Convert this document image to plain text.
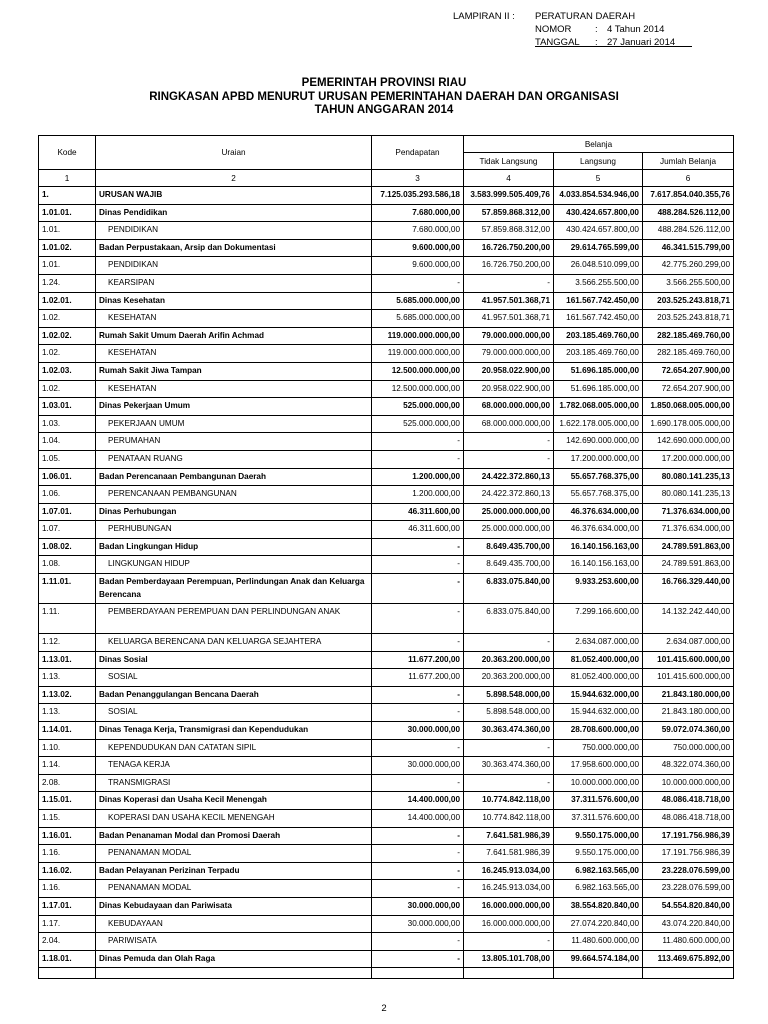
LAMPIRAN II :	PERATURAN DAERAH
NOMOR	: 4 Tahun 2014
TANGGAL	: 27 Januari 2014
PEMERINTAH PROVINSI RIAU
RINGKASAN APBD MENURUT URUSAN PEMERINTAHAN DAERAH DAN ORGANISASI
TAHUN ANGGARAN 2014
Kode	Uraian	Pendapatan	Belanja		
			Tidak Langsung	Langsung	Jumlah Belanja
1	2	3	4	5	6
1.	URUSAN WAJIB	7.125.035.293.586,18	3.583.999.505.409,76	4.033.854.534.946,00	7.617.854.040.355,76
1.01.01.	Dinas Pendidikan	7.680.000,00	57.859.868.312,00	430.424.657.800,00	488.284.526.112,00
1.01.	PENDIDIKAN	7.680.000,00	57.859.868.312,00	430.424.657.800,00	488.284.526.112,00
1.01.02.	Badan Perpustakaan, Arsip dan Dokumentasi	9.600.000,00	16.726.750.200,00	29.614.765.599,00	46.341.515.799,00
1.01.	PENDIDIKAN	9.600.000,00	16.726.750.200,00	26.048.510.099,00	42.775.260.299,00
1.24.	KEARSIPAN	-	-	3.566.255.500,00	3.566.255.500,00
1.02.01.	Dinas Kesehatan	5.685.000.000,00	41.957.501.368,71	161.567.742.450,00	203.525.243.818,71
1.02.	KESEHATAN	5.685.000.000,00	41.957.501.368,71	161.567.742.450,00	203.525.243.818,71
1.02.02.	Rumah Sakit Umum Daerah Arifin Achmad	119.000.000.000,00	79.000.000.000,00	203.185.469.760,00	282.185.469.760,00
1.02.	KESEHATAN	119.000.000.000,00	79.000.000.000,00	203.185.469.760,00	282.185.469.760,00
1.02.03.	Rumah Sakit Jiwa Tampan	12.500.000.000,00	20.958.022.900,00	51.696.185.000,00	72.654.207.900,00
1.02.	KESEHATAN	12.500.000.000,00	20.958.022.900,00	51.696.185.000,00	72.654.207.900,00
1.03.01.	Dinas Pekerjaan Umum	525.000.000,00	68.000.000.000,00	1.782.068.005.000,00	1.850.068.005.000,00
1.03.	PEKERJAAN UMUM	525.000.000,00	68.000.000.000,00	1.622.178.005.000,00	1.690.178.005.000,00
1.04.	PERUMAHAN	-	-	142.690.000.000,00	142.690.000.000,00
1.05.	PENATAAN RUANG	-	-	17.200.000.000,00	17.200.000.000,00
1.06.01.	Badan Perencanaan Pembangunan Daerah	1.200.000,00	24.422.372.860,13	55.657.768.375,00	80.080.141.235,13
1.06.	PERENCANAAN PEMBANGUNAN	1.200.000,00	24.422.372.860,13	55.657.768.375,00	80.080.141.235,13
1.07.01.	Dinas Perhubungan	46.311.600,00	25.000.000.000,00	46.376.634.000,00	71.376.634.000,00
1.07.	PERHUBUNGAN	46.311.600,00	25.000.000.000,00	46.376.634.000,00	71.376.634.000,00
1.08.02.	Badan Lingkungan Hidup	-	8.649.435.700,00	16.140.156.163,00	24.789.591.863,00
1.08.	LINGKUNGAN HIDUP	-	8.649.435.700,00	16.140.156.163,00	24.789.591.863,00
1.11.01.	Badan Pemberdayaan Perempuan, Perlindungan Anak dan Keluarga Berencana	-	6.833.075.840,00	9.933.253.600,00	16.766.329.440,00
1.11.	PEMBERDAYAAN PEREMPUAN DAN PERLINDUNGAN ANAK	-	6.833.075.840,00	7.299.166.600,00	14.132.242.440,00
1.12.	KELUARGA BERENCANA DAN KELUARGA SEJAHTERA	-	-	2.634.087.000,00	2.634.087.000,00
1.13.01.	Dinas Sosial	11.677.200,00	20.363.200.000,00	81.052.400.000,00	101.415.600.000,00
1.13.	SOSIAL	11.677.200,00	20.363.200.000,00	81.052.400.000,00	101.415.600.000,00
1.13.02.	Badan Penanggulangan Bencana Daerah	-	5.898.548.000,00	15.944.632.000,00	21.843.180.000,00
1.13.	SOSIAL	-	5.898.548.000,00	15.944.632.000,00	21.843.180.000,00
1.14.01.	Dinas Tenaga Kerja, Transmigrasi dan Kependudukan	30.000.000,00	30.363.474.360,00	28.708.600.000,00	59.072.074.360,00
1.10.	KEPENDUDUKAN DAN CATATAN SIPIL	-	-	750.000.000,00	750.000.000,00
1.14.	TENAGA KERJA	30.000.000,00	30.363.474.360,00	17.958.600.000,00	48.322.074.360,00
2.08.	TRANSMIGRASI	-	-	10.000.000.000,00	10.000.000.000,00
1.15.01.	Dinas Koperasi dan Usaha Kecil Menengah	14.400.000,00	10.774.842.118,00	37.311.576.600,00	48.086.418.718,00
1.15.	KOPERASI DAN USAHA KECIL MENENGAH	14.400.000,00	10.774.842.118,00	37.311.576.600,00	48.086.418.718,00
1.16.01.	Badan Penanaman Modal dan Promosi Daerah	-	7.641.581.986,39	9.550.175.000,00	17.191.756.986,39
1.16.	PENANAMAN MODAL	-	7.641.581.986,39	9.550.175.000,00	17.191.756.986,39
1.16.02.	Badan Pelayanan Perizinan Terpadu	-	16.245.913.034,00	6.982.163.565,00	23.228.076.599,00
1.16.	PENANAMAN MODAL	-	16.245.913.034,00	6.982.163.565,00	23.228.076.599,00
1.17.01.	Dinas Kebudayaan dan Pariwisata	30.000.000,00	16.000.000.000,00	38.554.820.840,00	54.554.820.840,00
1.17.	KEBUDAYAAN	30.000.000,00	16.000.000.000,00	27.074.220.840,00	43.074.220.840,00
2.04.	PARIWISATA	-	-	11.480.600.000,00	11.480.600.000,00
1.18.01.	Dinas Pemuda dan Olah Raga	-	13.805.101.708,00	99.664.574.184,00	113.469.675.892,00

2
